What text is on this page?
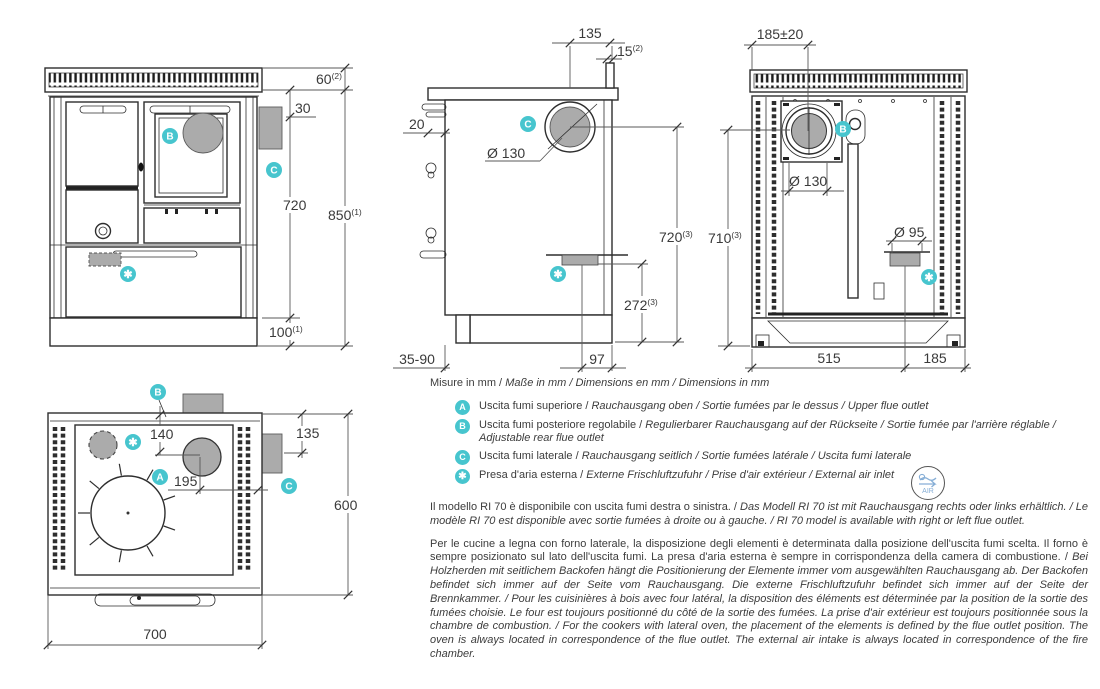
60$^{(2)}$
30
720
850$^{(1)}$
100$^{(1)}$
B
C
✱
135
15$^{(2)}$
20
Ø 130
720$^{(3)}$
272$^{(3)}$
35-90	97
C
✱
185±20
Ø 130
710$^{(3)}$	Ø 95
515	185
B
✱
140	135
195
600
700
B
✱
A
C
Misure in mm / Maße in mm / Dimensions en mm / Dimensions in mm
A	Uscita fumi superiore / Rauchausgang oben / Sortie fumées par le dessus / Upper flue outlet
B	Uscita fumi posteriore regolabile / Regulierbarer Rauchausgang auf der Rückseite / Sortie fumée par l'arrière réglable / Adjustable rear flue outlet
C	Uscita fumi laterale / Rauchausgang seitlich / Sortie fumées latérale / Uscita fumi laterale
✱	Presa d'aria esterna / Externe Frischluftzufuhr / Prise d'air extérieur / External air inlet
AIR

Il modello RI 70 è disponibile con uscita fumi destra o sinistra. / Das Modell RI 70 ist mit Rauchausgang rechts oder links erhältlich. / Le modèle RI 70 est disponible avec sortie fumées à droite ou à gauche. / RI 70 model is available with right or left flue outlet.

Per le cucine a legna con forno laterale, la disposizione degli elementi è determinata dalla posizione dell'uscita fumi scelta. Il forno è sempre posizionato sul lato dell'uscita fumi. La presa d'aria esterna è sempre in corrispondenza della camera di combustione. / Bei Holzherden mit seitlichem Backofen hängt die Positionierung der Elemente immer vom ausgewählten Rauchausgang ab. Der Backofen befindet sich immer auf der Seite vom Rauchausgang. Die externe Frischluftzufuhr befindet sich immer auf der Seite der Brennkammer. / Pour les cuisinières à bois avec four latéral, la disposition des éléments est déterminée par la position de la sortie des fumées choisie. Le four est toujours positionné du côté de la sortie des fumées. La prise d'air extérieur est toujours positionnée sous la chambre de combustion. / For the cookers with lateral oven, the placement of the elements is defined by the flue outlet position. The oven is always located in correspondence of the flue outlet. The external air intake is always located in correspondence of the fire chamber.
